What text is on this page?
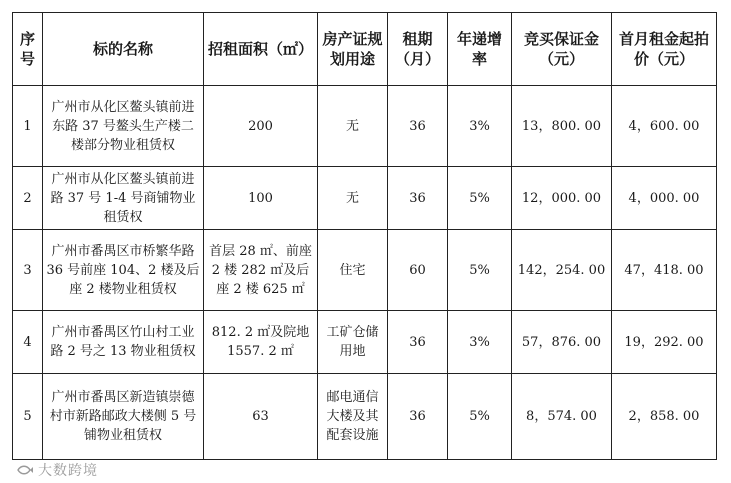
序号	标的名称	招租面积（㎡）	房产证规划用途	租期（月）	年递增率	竞买保证金（元）	首月租金起拍价（元）
1	广州市从化区鳌头镇前进东路 37 号鳌头生产楼二楼部分物业租赁权	200	无	36	3%	13，800. 00	4，600. 00
2	广州市从化区鳌头镇前进路 37 号 1-4 号商铺物业租赁权	100	无	36	5%	12，000. 00	4，000. 00
3	广州市番禺区市桥繁华路 36 号前座 104、2 楼及后座 2 楼物业租赁权	首层 28 ㎡、前座 2 楼 282 ㎡及后座 2 楼 625 ㎡	住宅	60	5%	142，254. 00	47，418. 00
4	广州市番禺区竹山村工业路 2 号之 13 物业租赁权	812. 2 ㎡及院地 1557. 2 ㎡	工矿仓储用地	36	3%	57，876. 00	19，292. 00
5	广州市番禺区新造镇崇德村市新路邮政大楼侧 5 号铺物业租赁权	63	邮电通信大楼及其配套设施	36	5%	8，574. 00	2，858. 00
大数跨境
